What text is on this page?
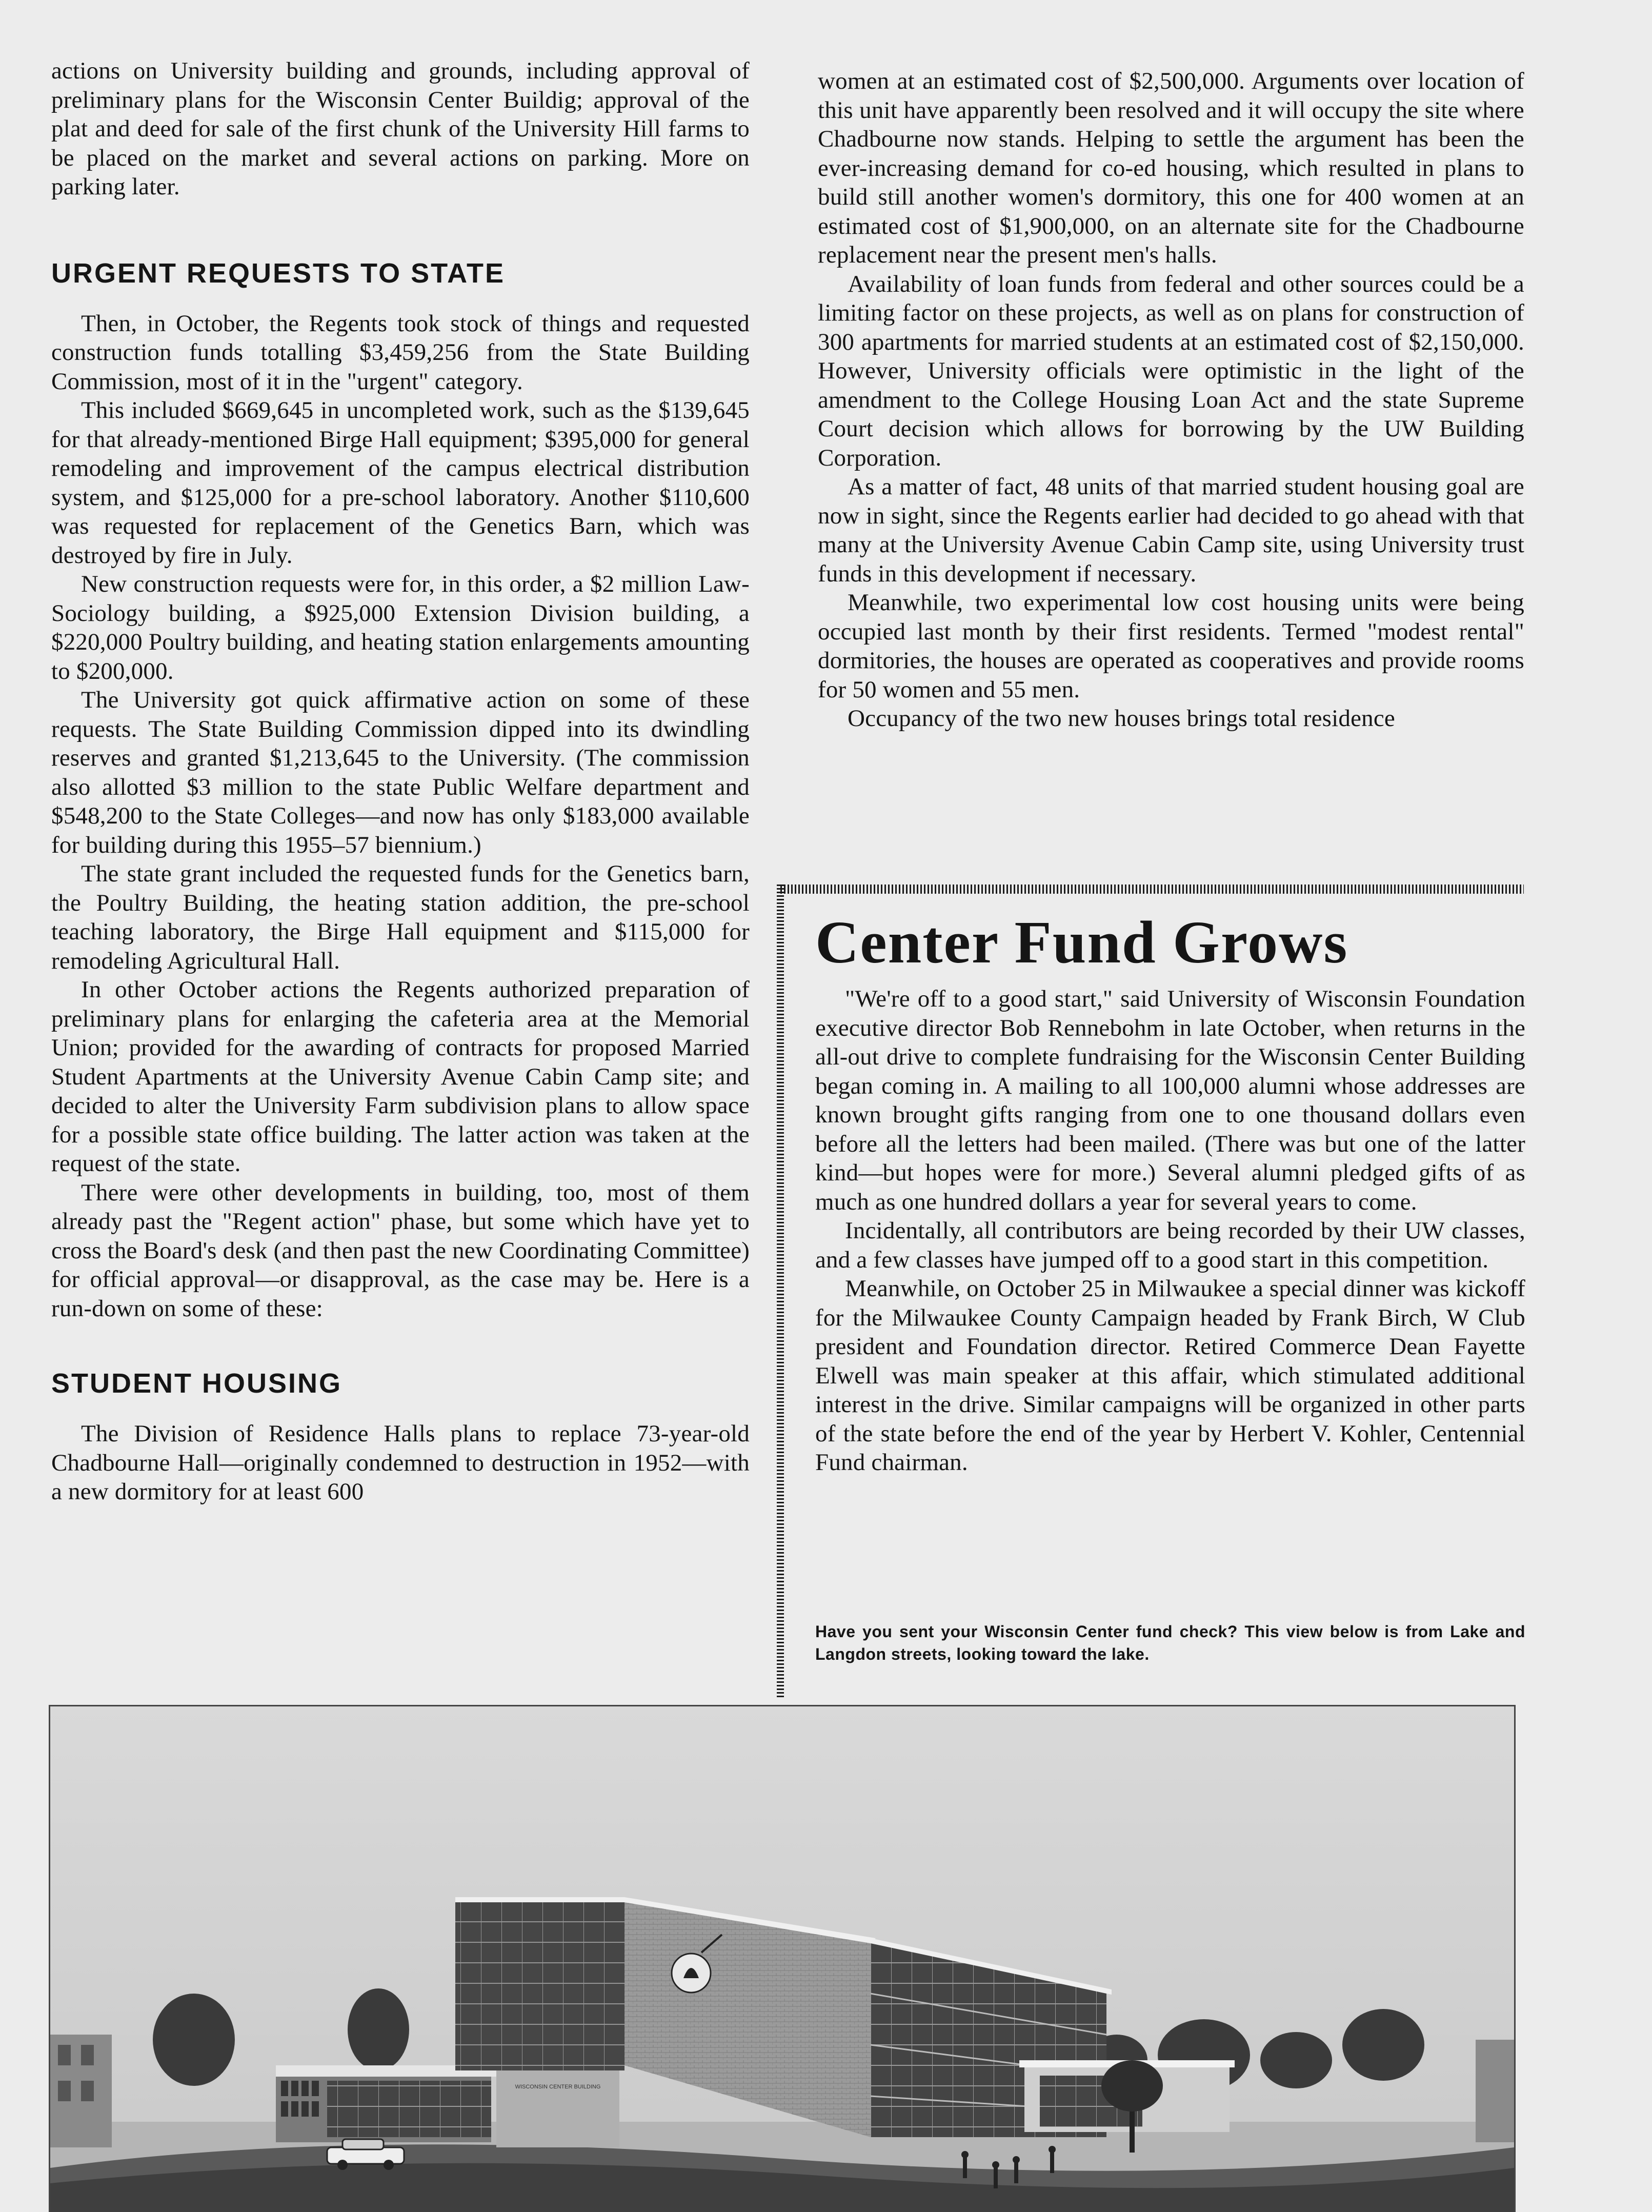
actions on University building and grounds, including approval of preliminary plans for the Wisconsin Center Buildig; approval of the plat and deed for sale of the first chunk of the University Hill farms to be placed on the market and several actions on parking. More on parking later.

URGENT REQUESTS TO STATE

Then, in October, the Regents took stock of things and requested construction funds totalling $3,459,256 from the State Building Commission, most of it in the "urgent" category.

This included $669,645 in uncompleted work, such as the $139,645 for that already-mentioned Birge Hall equipment; $395,000 for general remodeling and improvement of the campus electrical distribution system, and $125,000 for a pre-school laboratory. Another $110,600 was requested for replacement of the Genetics Barn, which was destroyed by fire in July.

New construction requests were for, in this order, a $2 million Law-Sociology building, a $925,000 Extension Division building, a $220,000 Poultry building, and heating station enlargements amounting to $200,000.

The University got quick affirmative action on some of these requests. The State Building Commission dipped into its dwindling reserves and granted $1,213,645 to the University. (The commission also allotted $3 million to the state Public Welfare department and $548,200 to the State Colleges—and now has only $183,000 available for building during this 1955–57 biennium.)

The state grant included the requested funds for the Genetics barn, the Poultry Building, the heating station addition, the pre-school teaching laboratory, the Birge Hall equipment and $115,000 for remodeling Agricultural Hall.

In other October actions the Regents authorized preparation of preliminary plans for enlarging the cafeteria area at the Memorial Union; provided for the awarding of contracts for proposed Married Student Apartments at the University Avenue Cabin Camp site; and decided to alter the University Farm subdivision plans to allow space for a possible state office building. The latter action was taken at the request of the state.

There were other developments in building, too, most of them already past the "Regent action" phase, but some which have yet to cross the Board's desk (and then past the new Coordinating Committee) for official approval—or disapproval, as the case may be. Here is a run-down on some of these:

STUDENT HOUSING

The Division of Residence Halls plans to replace 73-year-old Chadbourne Hall—originally condemned to destruction in 1952—with a new dormitory for at least 600

women at an estimated cost of $2,500,000. Arguments over location of this unit have apparently been resolved and it will occupy the site where Chadbourne now stands. Helping to settle the argument has been the ever-increasing demand for co-ed housing, which resulted in plans to build still another women's dormitory, this one for 400 women at an estimated cost of $1,900,000, on an alternate site for the Chadbourne replacement near the present men's halls.

Availability of loan funds from federal and other sources could be a limiting factor on these projects, as well as on plans for construction of 300 apartments for married students at an estimated cost of $2,150,000. However, University officials were optimistic in the light of the amendment to the College Housing Loan Act and the state Supreme Court decision which allows for borrowing by the UW Building Corporation.

As a matter of fact, 48 units of that married student housing goal are now in sight, since the Regents earlier had decided to go ahead with that many at the University Avenue Cabin Camp site, using University trust funds in this development if necessary.

Meanwhile, two experimental low cost housing units were being occupied last month by their first residents. Termed "modest rental" dormitories, the houses are operated as cooperatives and provide rooms for 50 women and 55 men.

Occupancy of the two new houses brings total residence

Center Fund Grows

"We're off to a good start," said University of Wisconsin Foundation executive director Bob Rennebohm in late October, when returns in the all-out drive to complete fundraising for the Wisconsin Center Building began coming in. A mailing to all 100,000 alumni whose addresses are known brought gifts ranging from one to one thousand dollars even before all the letters had been mailed. (There was but one of the latter kind—but hopes were for more.) Several alumni pledged gifts of as much as one hundred dollars a year for several years to come.

Incidentally, all contributors are being recorded by their UW classes, and a few classes have jumped off to a good start in this competition.

Meanwhile, on October 25 in Milwaukee a special dinner was kickoff for the Milwaukee County Campaign headed by Frank Birch, W Club president and Foundation director. Retired Commerce Dean Fayette Elwell was main speaker at this affair, which stimulated additional interest in the drive. Similar campaigns will be organized in other parts of the state before the end of the year by Herbert V. Kohler, Centennial Fund chairman.

Have you sent your Wisconsin Center fund check? This view below is from Lake and Langdon streets, looking toward the lake.

WISCONSIN CENTER BUILDING
